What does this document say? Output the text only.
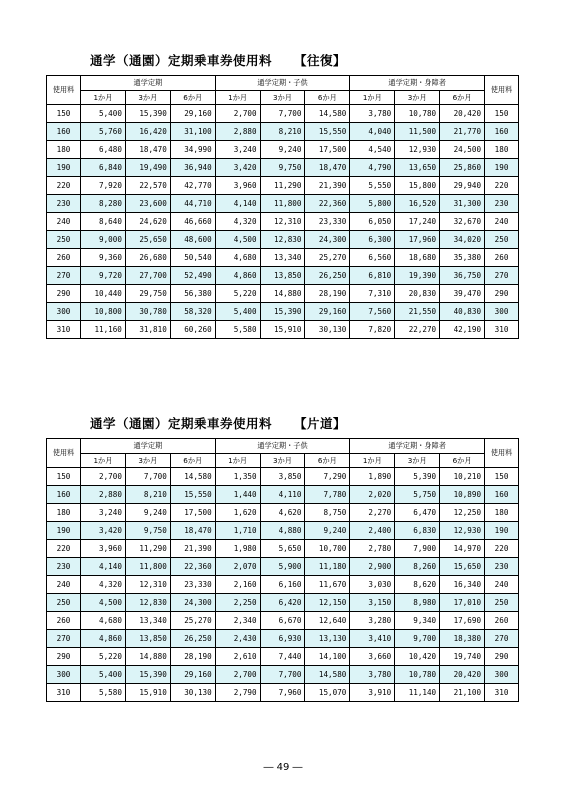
通学（通園）定期乗車券使用料 【往復】
使用料	通学定期			通学定期・子供			通学定期・身障者			使用料
	1か月	3か月	6か月	1か月	3か月	6か月	1か月	3か月	6か月	
150	5,400	15,390	29,160	2,700	7,700	14,580	3,780	10,780	20,420	150
160	5,760	16,420	31,100	2,880	8,210	15,550	4,040	11,500	21,770	160
180	6,480	18,470	34,990	3,240	9,240	17,500	4,540	12,930	24,500	180
190	6,840	19,490	36,940	3,420	9,750	18,470	4,790	13,650	25,860	190
220	7,920	22,570	42,770	3,960	11,290	21,390	5,550	15,800	29,940	220
230	8,280	23,600	44,710	4,140	11,800	22,360	5,800	16,520	31,300	230
240	8,640	24,620	46,660	4,320	12,310	23,330	6,050	17,240	32,670	240
250	9,000	25,650	48,600	4,500	12,830	24,300	6,300	17,960	34,020	250
260	9,360	26,680	50,540	4,680	13,340	25,270	6,560	18,680	35,380	260
270	9,720	27,700	52,490	4,860	13,850	26,250	6,810	19,390	36,750	270
290	10,440	29,750	56,380	5,220	14,880	28,190	7,310	20,830	39,470	290
300	10,800	30,780	58,320	5,400	15,390	29,160	7,560	21,550	40,830	300
310	11,160	31,810	60,260	5,580	15,910	30,130	7,820	22,270	42,190	310
通学（通園）定期乗車券使用料 【片道】
使用料	通学定期			通学定期・子供			通学定期・身障者			使用料
	1か月	3か月	6か月	1か月	3か月	6か月	1か月	3か月	6か月	
150	2,700	7,700	14,580	1,350	3,850	7,290	1,890	5,390	10,210	150
160	2,880	8,210	15,550	1,440	4,110	7,780	2,020	5,750	10,890	160
180	3,240	9,240	17,500	1,620	4,620	8,750	2,270	6,470	12,250	180
190	3,420	9,750	18,470	1,710	4,880	9,240	2,400	6,830	12,930	190
220	3,960	11,290	21,390	1,980	5,650	10,700	2,780	7,900	14,970	220
230	4,140	11,800	22,360	2,070	5,900	11,180	2,900	8,260	15,650	230
240	4,320	12,310	23,330	2,160	6,160	11,670	3,030	8,620	16,340	240
250	4,500	12,830	24,300	2,250	6,420	12,150	3,150	8,980	17,010	250
260	4,680	13,340	25,270	2,340	6,670	12,640	3,280	9,340	17,690	260
270	4,860	13,850	26,250	2,430	6,930	13,130	3,410	9,700	18,380	270
290	5,220	14,880	28,190	2,610	7,440	14,100	3,660	10,420	19,740	290
300	5,400	15,390	29,160	2,700	7,700	14,580	3,780	10,780	20,420	300
310	5,580	15,910	30,130	2,790	7,960	15,070	3,910	11,140	21,100	310
― 49 ―
